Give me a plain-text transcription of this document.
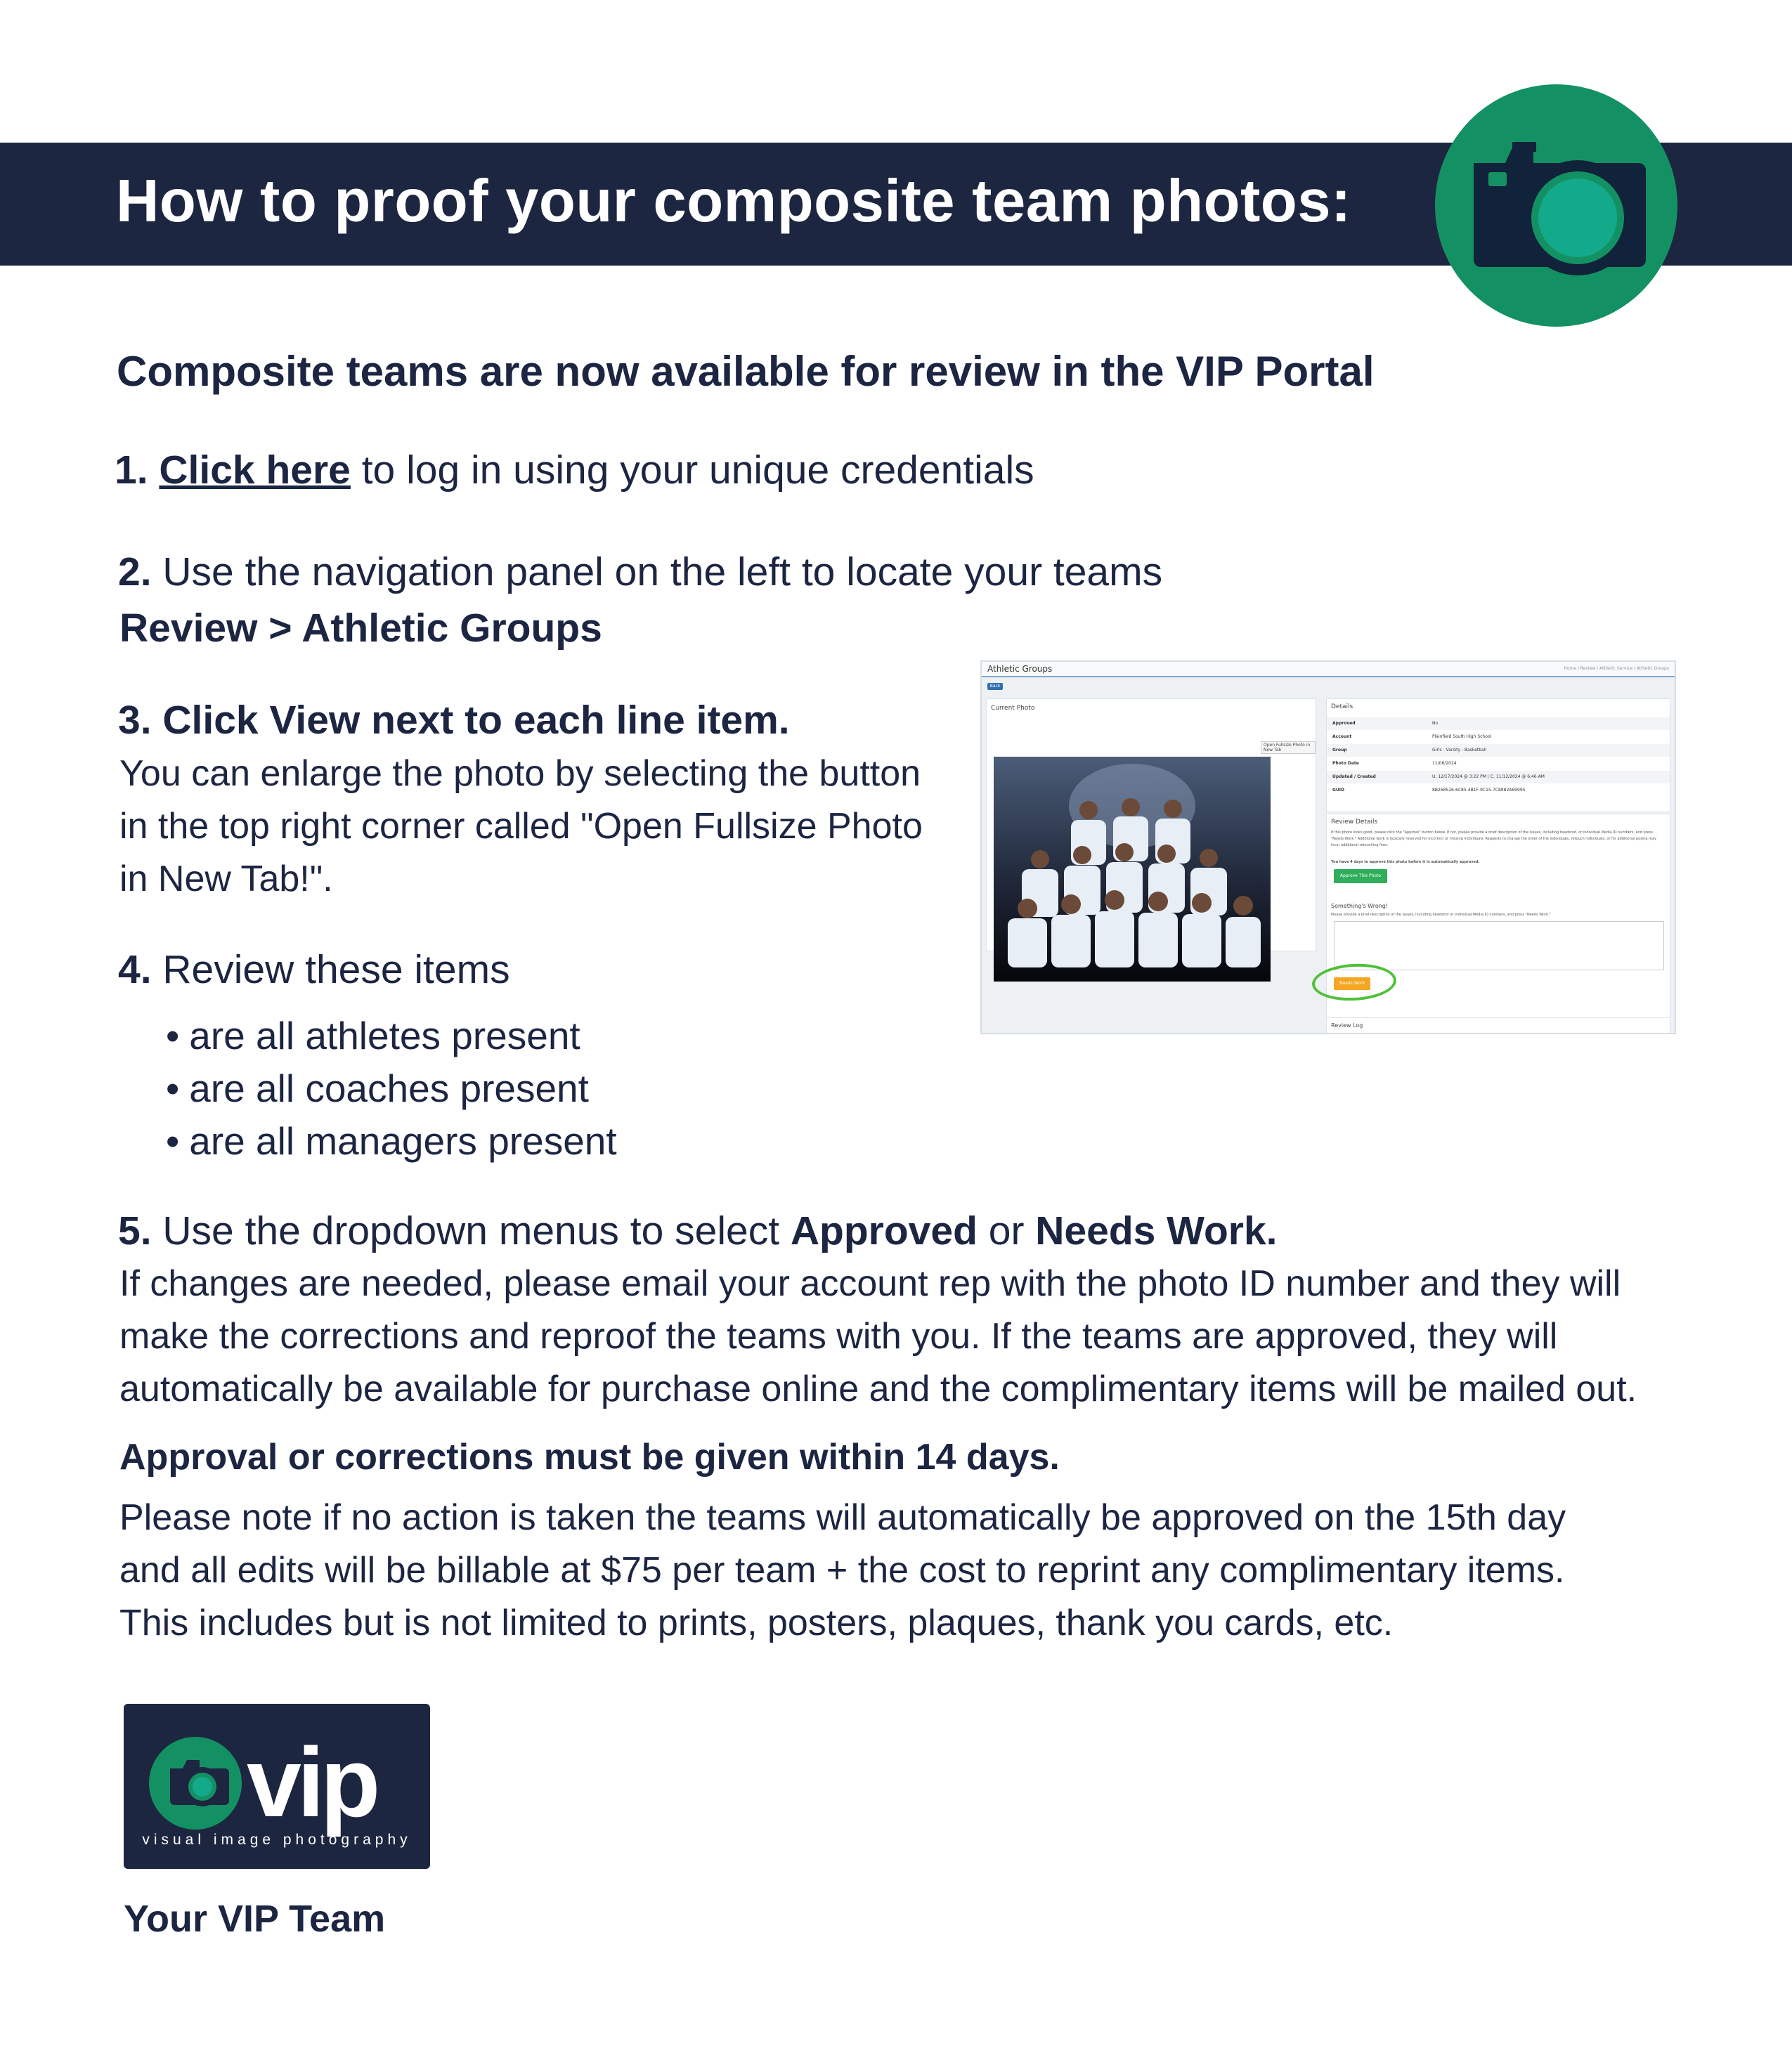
How to proof your composite team photos:
Composite teams are now available for review in the VIP Portal
1. Click here to log in using your unique credentials
2. Use the navigation panel on the left to locate your teams
Review > Athletic Groups
3. Click View next to each line item.
You can enlarge the photo by selecting the button
in the top right corner called "Open Fullsize Photo
in New Tab!".
4. Review these items
• are all athletes present
• are all coaches present
• are all managers present
5. Use the dropdown menus to select Approved or Needs Work.
If changes are needed, please email your account rep with the photo ID number and they will
make the corrections and reproof the teams with you. If the teams are approved, they will
automatically be available for purchase online and the complimentary items will be mailed out.
Approval or corrections must be given within 14 days.
Please note if no action is taken the teams will automatically be approved on the 15th day
and all edits will be billable at $75 per team + the cost to reprint any complimentary items.
This includes but is not limited to prints, posters, plaques, thank you cards, etc.
Athletic Groups	Home / Review / Athletic Service / Athletic Groups
Back
Current Photo
Open Fullsize Photo in New Tab
Details
Approved	No
Account	Plainfield South High School
Group	Girls - Varsity - Basketball
Photo Date	11/06/2024
Updated / Created	U: 12/17/2024 @ 3:22 PM | C: 11/12/2024 @ 6:46 AM
GUID	8B268526-6C85-4B1F-9C15-7C8982A69995
Review Details
If this photo looks good, please click the "Approve" button below. If not, please provide a brief description of the issues, including headshot, or individual Media ID numbers, and press "Needs Work." Additional work is typically reserved for incorrect or missing individuals. Requests to change the order of the individuals, retouch individuals, or for additional posing may incur additional retouching fees.
You have 4 days to approve this photo before it is automatically approved.
Approve This Photo
Something's Wrong!
Please provide a brief description of the issues, including headshot or individual Media ID numbers, and press "Needs Work."
Needs Work
Review Log
vip
visual image photography
Your VIP Team
